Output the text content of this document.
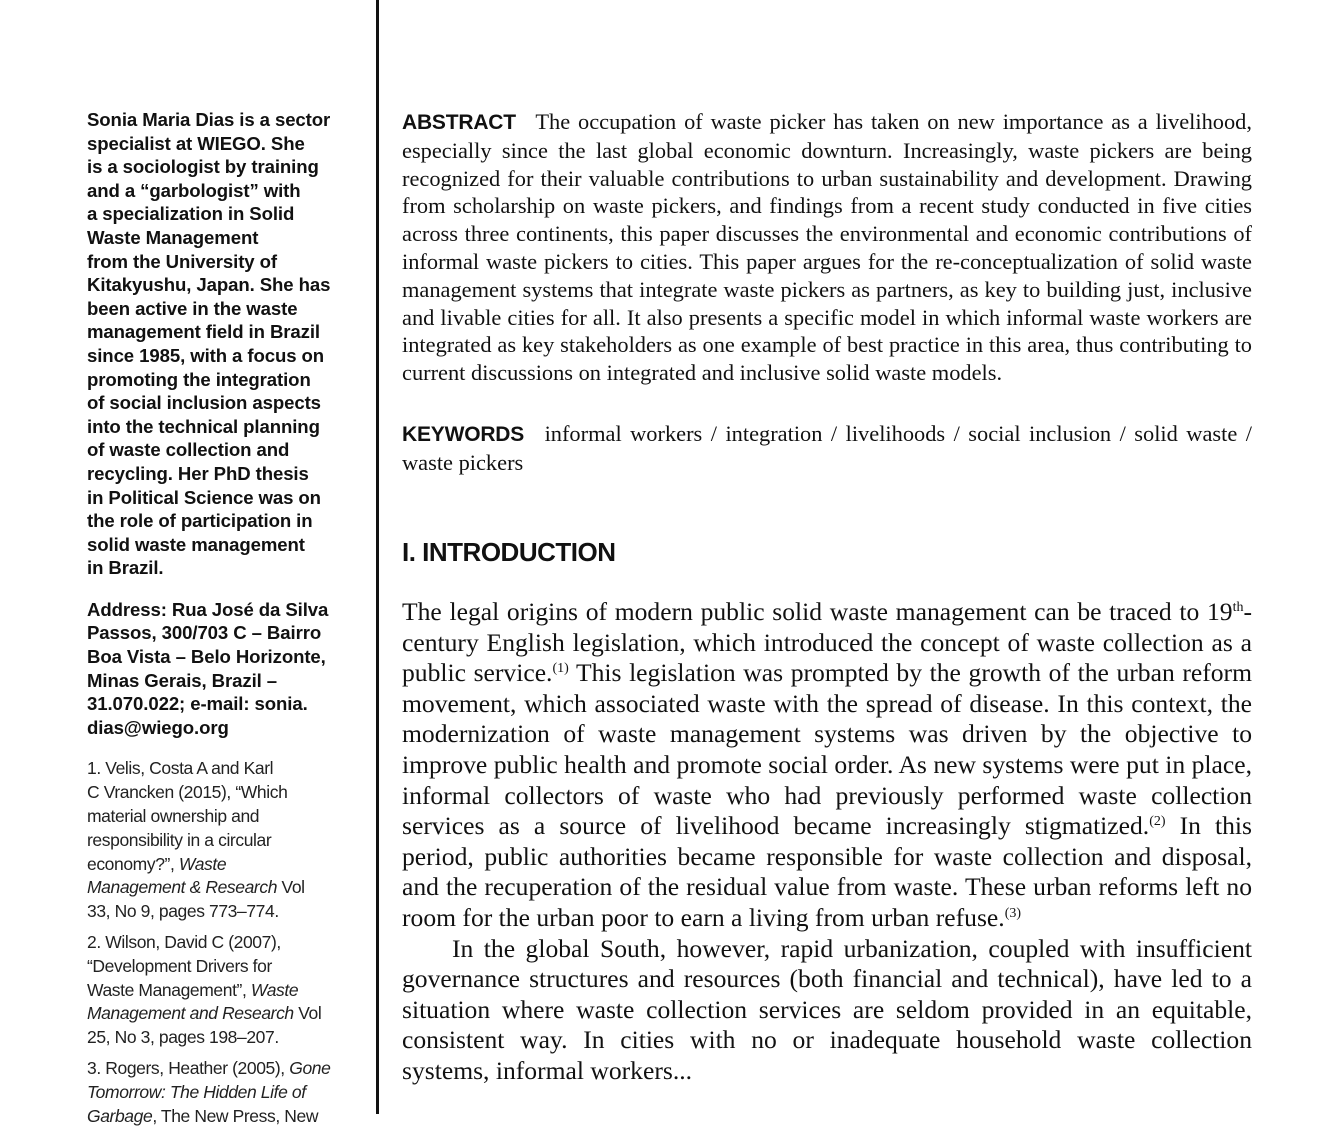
Sonia Maria Dias is a sector
specialist at WIEGO. She
is a sociologist by training
and a “garbologist” with
a specialization in Solid
Waste Management
from the University of
Kitakyushu, Japan. She has
been active in the waste
management field in Brazil
since 1985, with a focus on
promoting the integration
of social inclusion aspects
into the technical planning
of waste collection and
recycling. Her PhD thesis
in Political Science was on
the role of participation in
solid waste management
in Brazil.

Address: Rua José da Silva
Passos, 300/703 C – Bairro
Boa Vista – Belo Horizonte,
Minas Gerais, Brazil –
31.070.022; e-mail: sonia.
dias@wiego.org

1. Velis, Costa A and Karl
C Vrancken (2015), “Which
material ownership and
responsibility in a circular
economy?”, Waste
Management & Research Vol
33, No 9, pages 773–774.

2. Wilson, David C (2007),
“Development Drivers for
Waste Management”, Waste
Management and Research Vol
25, No 3, pages 198–207.

3. Rogers, Heather (2005), Gone
Tomorrow: The Hidden Life of
Garbage, The New Press, New

ABSTRACT The occupation of waste picker has taken on new importance as a livelihood, especially since the last global economic downturn. Increasingly, waste pickers are being recognized for their valuable contributions to urban sustainability and development. Drawing from scholarship on waste pickers, and findings from a recent study conducted in five cities across three continents, this paper discusses the environmental and economic contributions of informal waste pickers to cities. This paper argues for the re-conceptualization of solid waste management systems that integrate waste pickers as partners, as key to building just, inclusive and livable cities for all. It also presents a specific model in which informal waste workers are integrated as key stakeholders as one example of best practice in this area, thus contributing to current discussions on integrated and inclusive solid waste models.

KEYWORDS informal workers / integration / livelihoods / social inclusion / solid waste / waste pickers

I. INTRODUCTION

The legal origins of modern public solid waste management can be traced to 19th-century English legislation, which introduced the concept of waste collection as a public service.$^{(1)}$ This legislation was prompted by the growth of the urban reform movement, which associated waste with the spread of disease. In this context, the modernization of waste management systems was driven by the objective to improve public health and promote social order. As new systems were put in place, informal collectors of waste who had previously performed waste collection services as a source of livelihood became increasingly stigmatized.$^{(2)}$ In this period, public authorities became responsible for waste collection and disposal, and the recuperation of the residual value from waste. These urban reforms left no room for the urban poor to earn a living from urban refuse.$^{(3)}$

In the global South, however, rapid urbanization, coupled with insufficient governance structures and resources (both financial and technical), have led to a situation where waste collection services are seldom provided in an equitable, consistent way. In cities with no or inadequate household waste collection systems, informal workers...
